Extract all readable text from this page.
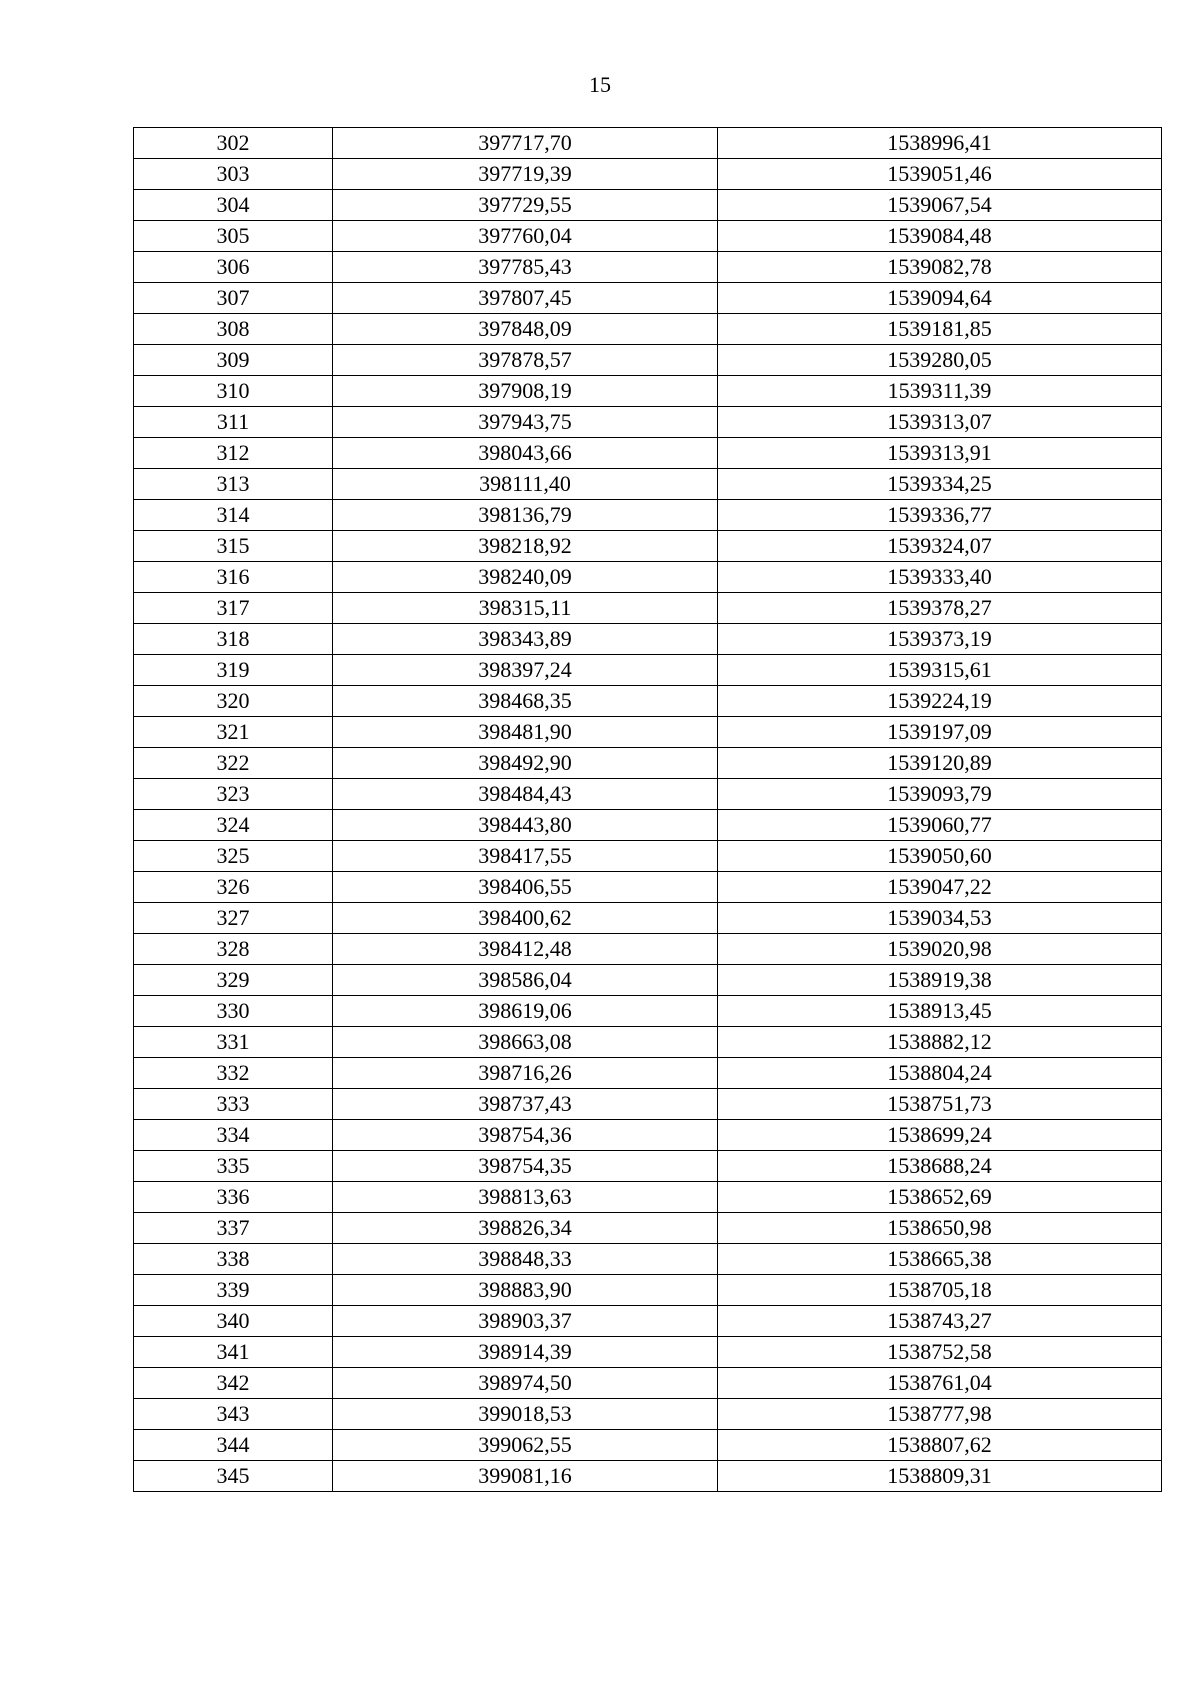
15
302	397717,70	1538996,41
303	397719,39	1539051,46
304	397729,55	1539067,54
305	397760,04	1539084,48
306	397785,43	1539082,78
307	397807,45	1539094,64
308	397848,09	1539181,85
309	397878,57	1539280,05
310	397908,19	1539311,39
311	397943,75	1539313,07
312	398043,66	1539313,91
313	398111,40	1539334,25
314	398136,79	1539336,77
315	398218,92	1539324,07
316	398240,09	1539333,40
317	398315,11	1539378,27
318	398343,89	1539373,19
319	398397,24	1539315,61
320	398468,35	1539224,19
321	398481,90	1539197,09
322	398492,90	1539120,89
323	398484,43	1539093,79
324	398443,80	1539060,77
325	398417,55	1539050,60
326	398406,55	1539047,22
327	398400,62	1539034,53
328	398412,48	1539020,98
329	398586,04	1538919,38
330	398619,06	1538913,45
331	398663,08	1538882,12
332	398716,26	1538804,24
333	398737,43	1538751,73
334	398754,36	1538699,24
335	398754,35	1538688,24
336	398813,63	1538652,69
337	398826,34	1538650,98
338	398848,33	1538665,38
339	398883,90	1538705,18
340	398903,37	1538743,27
341	398914,39	1538752,58
342	398974,50	1538761,04
343	399018,53	1538777,98
344	399062,55	1538807,62
345	399081,16	1538809,31
